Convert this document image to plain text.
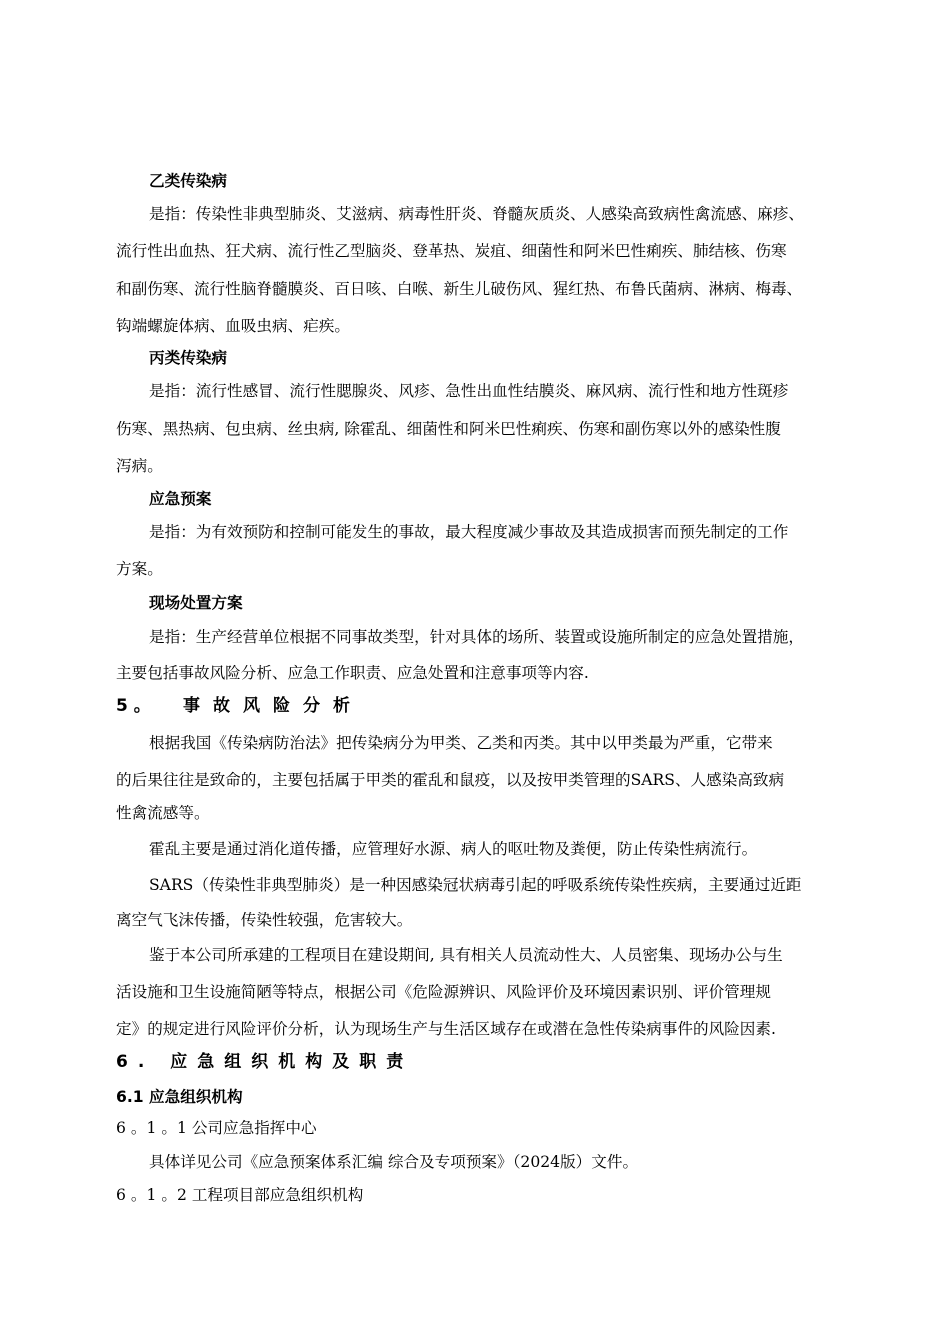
乙类传染病
是指：传染性非典型肺炎、艾滋病、病毒性肝炎、脊髓灰质炎、人感染高致病性禽流感、麻疹、
流行性出血热、狂犬病、流行性乙型脑炎、登革热、炭疽、细菌性和阿米巴性痢疾、肺结核、伤寒
和副伤寒、流行性脑脊髓膜炎、百日咳、白喉、新生儿破伤风、猩红热、布鲁氏菌病、淋病、梅毒、
钩端螺旋体病、血吸虫病、疟疾。
丙类传染病
是指：流行性感冒、流行性腮腺炎、风疹、急性出血性结膜炎、麻风病、流行性和地方性斑疹
伤寒、黑热病、包虫病、丝虫病, 除霍乱、细菌性和阿米巴性痢疾、伤寒和副伤寒以外的感染性腹
泻病。
应急预案
是指：为有效预防和控制可能发生的事故，最大程度减少事故及其造成损害而预先制定的工作
方案。
现场处置方案
是指：生产经营单位根据不同事故类型，针对具体的场所、装置或设施所制定的应急处置措施，
主要包括事故风险分析、应急工作职责、应急处置和注意事项等内容.
5 。 事故风险分析
根据我国《传染病防治法》把传染病分为甲类、乙类和丙类。其中以甲类最为严重，它带来
的后果往往是致命的，主要包括属于甲类的霍乱和鼠疫，以及按甲类管理的SARS、人感染高致病
性禽流感等。
霍乱主要是通过消化道传播，应管理好水源、病人的呕吐物及粪便，防止传染性病流行。
SARS（传染性非典型肺炎）是一种因感染冠状病毒引起的呼吸系统传染性疾病，主要通过近距
离空气飞沫传播，传染性较强，危害较大。
鉴于本公司所承建的工程项目在建设期间, 具有相关人员流动性大、人员密集、现场办公与生
活设施和卫生设施简陋等特点，根据公司《危险源辨识、风险评价及环境因素识别、评价管理规
定》的规定进行风险评价分析，认为现场生产与生活区域存在或潜在急性传染病事件的风险因素.
6. 应急组织机构及职责
6.1 应急组织机构
6 。1 。1 公司应急指挥中心
具体详见公司《应急预案体系汇编 综合及专项预案》（2024版）文件。
6 。1 。2 工程项目部应急组织机构
